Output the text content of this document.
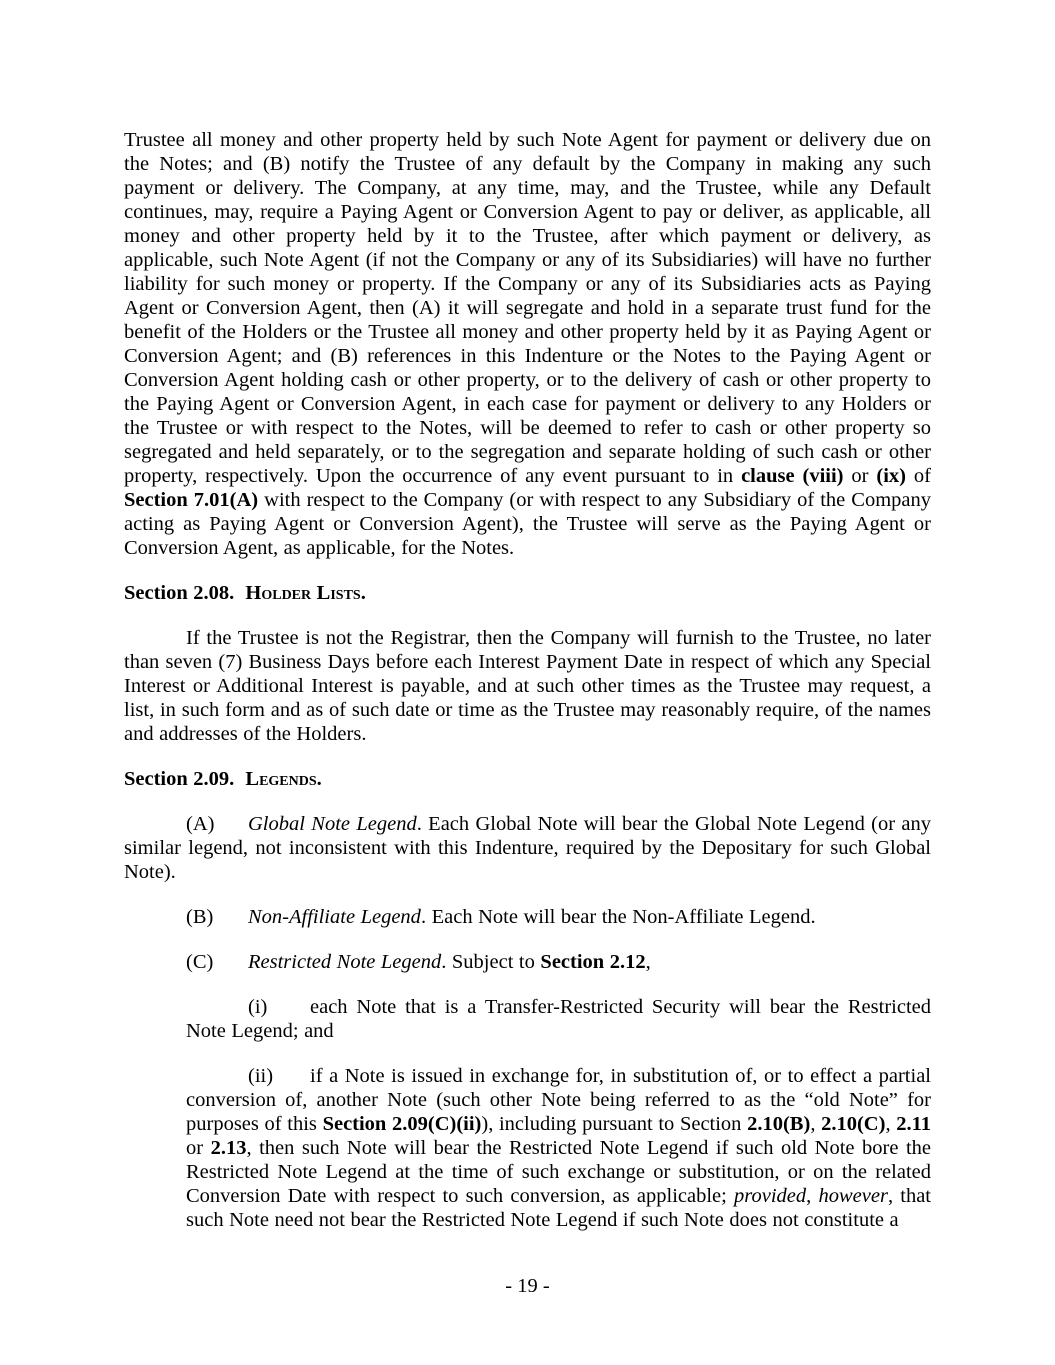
Trustee all money and other property held by such Note Agent for payment or delivery due on the Notes; and (B) notify the Trustee of any default by the Company in making any such payment or delivery. The Company, at any time, may, and the Trustee, while any Default continues, may, require a Paying Agent or Conversion Agent to pay or deliver, as applicable, all money and other property held by it to the Trustee, after which payment or delivery, as applicable, such Note Agent (if not the Company or any of its Subsidiaries) will have no further liability for such money or property. If the Company or any of its Subsidiaries acts as Paying Agent or Conversion Agent, then (A) it will segregate and hold in a separate trust fund for the benefit of the Holders or the Trustee all money and other property held by it as Paying Agent or Conversion Agent; and (B) references in this Indenture or the Notes to the Paying Agent or Conversion Agent holding cash or other property, or to the delivery of cash or other property to the Paying Agent or Conversion Agent, in each case for payment or delivery to any Holders or the Trustee or with respect to the Notes, will be deemed to refer to cash or other property so segregated and held separately, or to the segregation and separate holding of such cash or other property, respectively. Upon the occurrence of any event pursuant to in clause (viii) or (ix) of Section 7.01(A) with respect to the Company (or with respect to any Subsidiary of the Company acting as Paying Agent or Conversion Agent), the Trustee will serve as the Paying Agent or Conversion Agent, as applicable, for the Notes.
Section 2.08. Holder Lists.
If the Trustee is not the Registrar, then the Company will furnish to the Trustee, no later than seven (7) Business Days before each Interest Payment Date in respect of which any Special Interest or Additional Interest is payable, and at such other times as the Trustee may request, a list, in such form and as of such date or time as the Trustee may reasonably require, of the names and addresses of the Holders.
Section 2.09. Legends.
(A) Global Note Legend. Each Global Note will bear the Global Note Legend (or any similar legend, not inconsistent with this Indenture, required by the Depositary for such Global Note).
(B) Non-Affiliate Legend. Each Note will bear the Non-Affiliate Legend.
(C) Restricted Note Legend. Subject to Section 2.12,
(i) each Note that is a Transfer-Restricted Security will bear the Restricted Note Legend; and
(ii) if a Note is issued in exchange for, in substitution of, or to effect a partial conversion of, another Note (such other Note being referred to as the “old Note” for purposes of this Section 2.09(C)(ii)), including pursuant to Section 2.10(B), 2.10(C), 2.11 or 2.13, then such Note will bear the Restricted Note Legend if such old Note bore the Restricted Note Legend at the time of such exchange or substitution, or on the related Conversion Date with respect to such conversion, as applicable; provided, however, that such Note need not bear the Restricted Note Legend if such Note does not constitute a
- 19 -
